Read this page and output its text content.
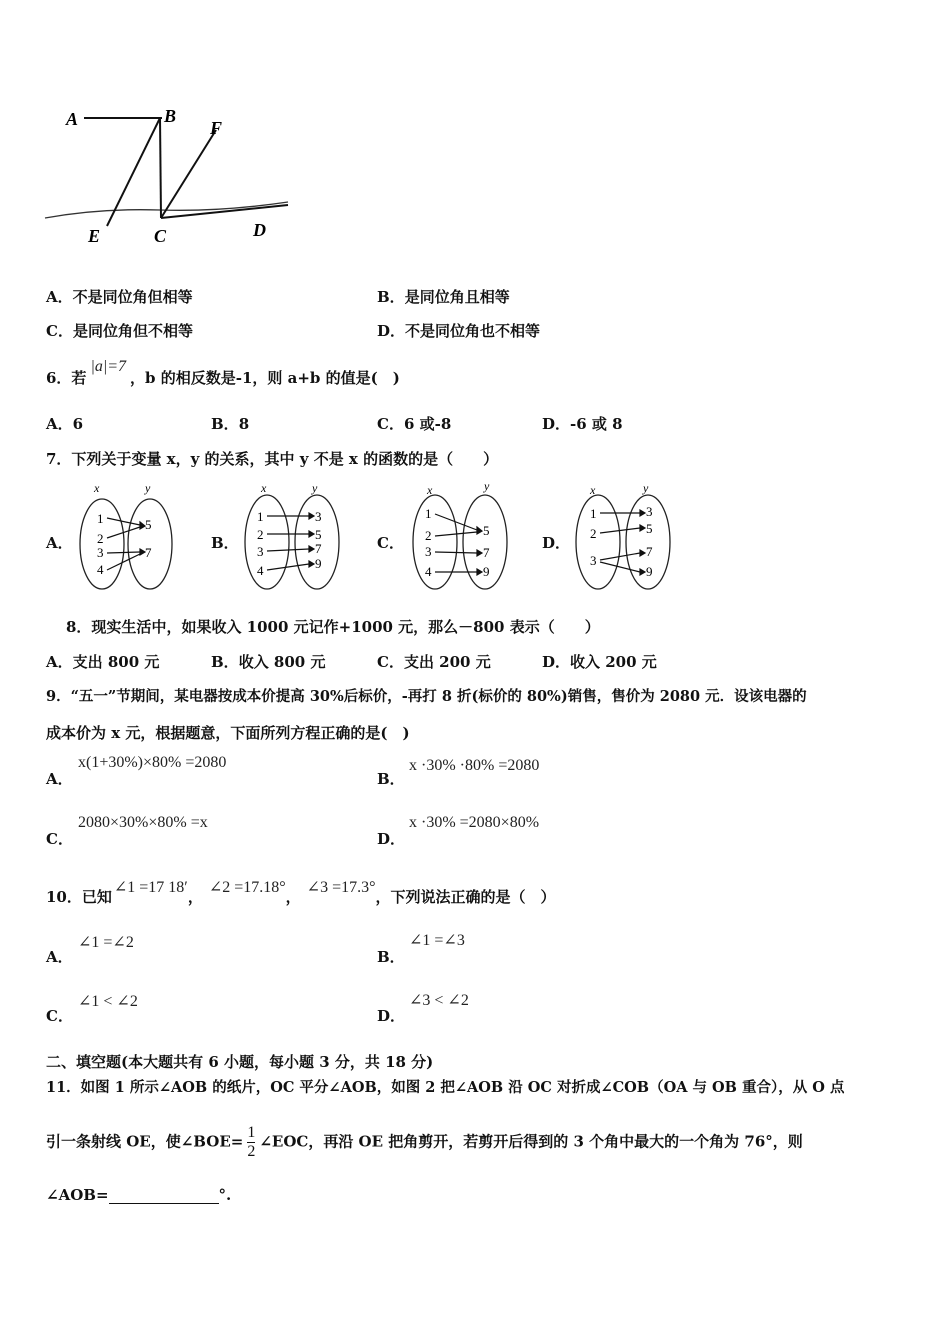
A	B
F
E	C	D
A．不是同位角但相等	B．是同位角且相等
C．是同位角但不相等	D．不是同位角也不相等
6．若|a|=7，b 的相反数是-1，则 a+b 的值是(　)
A．6	B．8	C．6 或-8	D．-6 或 8
7．下列关于变量 x，y 的关系，其中 y 不是 x 的函数的是（　　）
A．
x	y
1
2
3
4
5
7
B．
x	y
1
2
3
4
3
5
7
9
C．
x	y
1
2
3
4
5
7
9
D．
x	y
1
2
3
3
5
7
9
8．现实生活中，如果收入 1000 元记作+1000 元，那么－800 表示（　　）
A．支出 800 元	B．收入 800 元	C．支出 200 元	D．收入 200 元
9．“五一”节期间，某电器按成本价提高 30%后标价，-再打 8 折(标价的 80%)销售，售价为 2080 元．设该电器的
成本价为 x 元，根据题意，下面所列方程正确的是(　)
A．
x(1+30%)×80% =2080
B．
x ·30% ·80% =2080
C．
2080×30%×80% =x
D．
x ·30% =2080×80%
10．已知∠1 =17 18′，∠2 =17.18°，∠3 =17.3°，下列说法正确的是（　）
A．
∠1 =∠2
B．
∠1 =∠3
C．
∠1 < ∠2
D．
∠3 < ∠2
二、填空题(本大题共有 6 小题，每小题 3 分，共 18 分)
11．如图 1 所示∠AOB 的纸片，OC 平分∠AOB，如图 2 把∠AOB 沿 OC 对折成∠COB（OA 与 OB 重合），从 O 点
引一条射线 OE，使∠BOE= $\frac{1}{2}$ ∠EOC，再沿 OE 把角剪开，若剪开后得到的 3 个角中最大的一个角为 76°，则
∠AOB=	°.
